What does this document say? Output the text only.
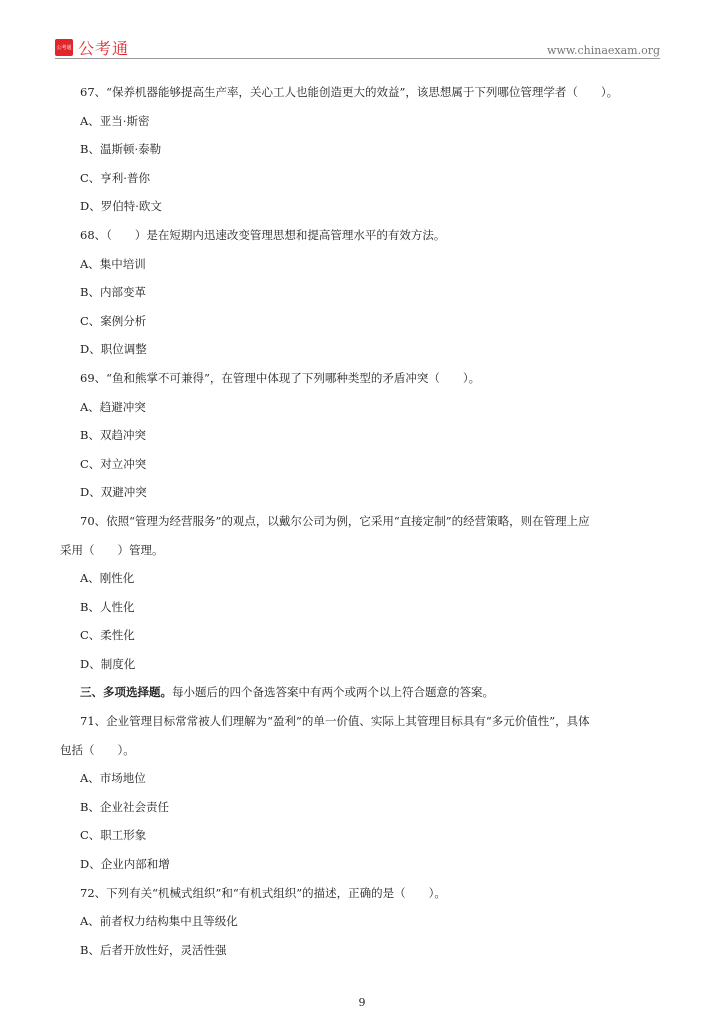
公考通 公考通	www.chinaexam.org
67、“保养机器能够提高生产率，关心工人也能创造更大的效益”，该思想属于下列哪位管理学者（　　）。
A、亚当·斯密
B、温斯顿·泰勒
C、亨利·普你
D、罗伯特·欧文
68、（　　）是在短期内迅速改变管理思想和提高管理水平的有效方法。
A、集中培训
B、内部变革
C、案例分析
D、职位调整
69、“鱼和熊掌不可兼得”，在管理中体现了下列哪种类型的矛盾冲突（　　）。
A、趋避冲突
B、双趋冲突
C、对立冲突
D、双避冲突
70、依照“管理为经营服务”的观点，以戴尔公司为例，它采用“直接定制”的经营策略，则在管理上应
采用（　　）管理。
A、刚性化
B、人性化
C、柔性化
D、制度化
三、多项选择题。每小题后的四个备选答案中有两个或两个以上符合题意的答案。
71、企业管理目标常常被人们理解为“盈利”的单一价值、实际上其管理目标具有“多元价值性”，具体
包括（　　）。
A、市场地位
B、企业社会责任
C、职工形象
D、企业内部和增
72、下列有关“机械式组织”和“有机式组织”的描述，正确的是（　　）。
A、前者权力结构集中且等级化
B、后者开放性好，灵活性强
9
